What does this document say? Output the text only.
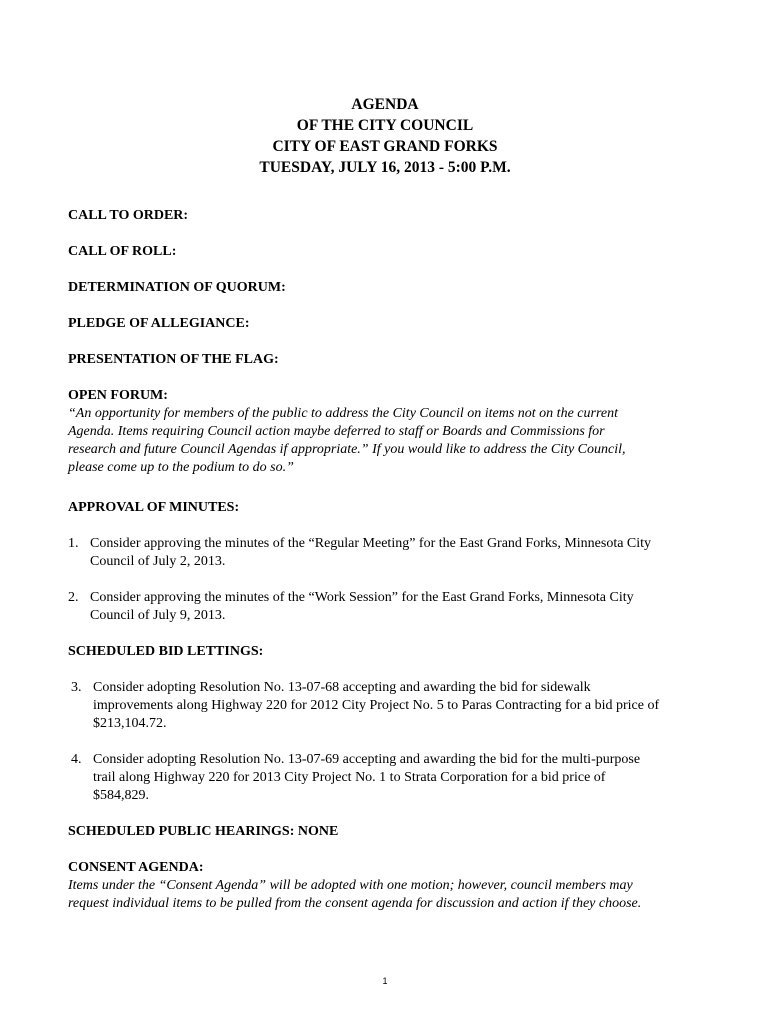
AGENDA
OF THE CITY COUNCIL
CITY OF EAST GRAND FORKS
TUESDAY, JULY 16, 2013 - 5:00 P.M.
CALL TO ORDER:
CALL OF ROLL:
DETERMINATION OF QUORUM:
PLEDGE OF ALLEGIANCE:
PRESENTATION OF THE FLAG:
OPEN FORUM:
“An opportunity for members of the public to address the City Council on items not on the current
Agenda. Items requiring Council action maybe deferred to staff or Boards and Commissions for
research and future Council Agendas if appropriate.” If you would like to address the City Council,
please come up to the podium to do so.”
APPROVAL OF MINUTES:
1. Consider approving the minutes of the “Regular Meeting” for the East Grand Forks, Minnesota City
Council of July 2, 2013.
2. Consider approving the minutes of the “Work Session” for the East Grand Forks, Minnesota City
Council of July 9, 2013.
SCHEDULED BID LETTINGS:
3. Consider adopting Resolution No. 13-07-68 accepting and awarding the bid for sidewalk
improvements along Highway 220 for 2012 City Project No. 5 to Paras Contracting for a bid price of
$213,104.72.
4. Consider adopting Resolution No. 13-07-69 accepting and awarding the bid for the multi-purpose
trail along Highway 220 for 2013 City Project No. 1 to Strata Corporation for a bid price of
$584,829.
SCHEDULED PUBLIC HEARINGS: NONE
CONSENT AGENDA:
Items under the “Consent Agenda” will be adopted with one motion; however, council members may
request individual items to be pulled from the consent agenda for discussion and action if they choose.
1
